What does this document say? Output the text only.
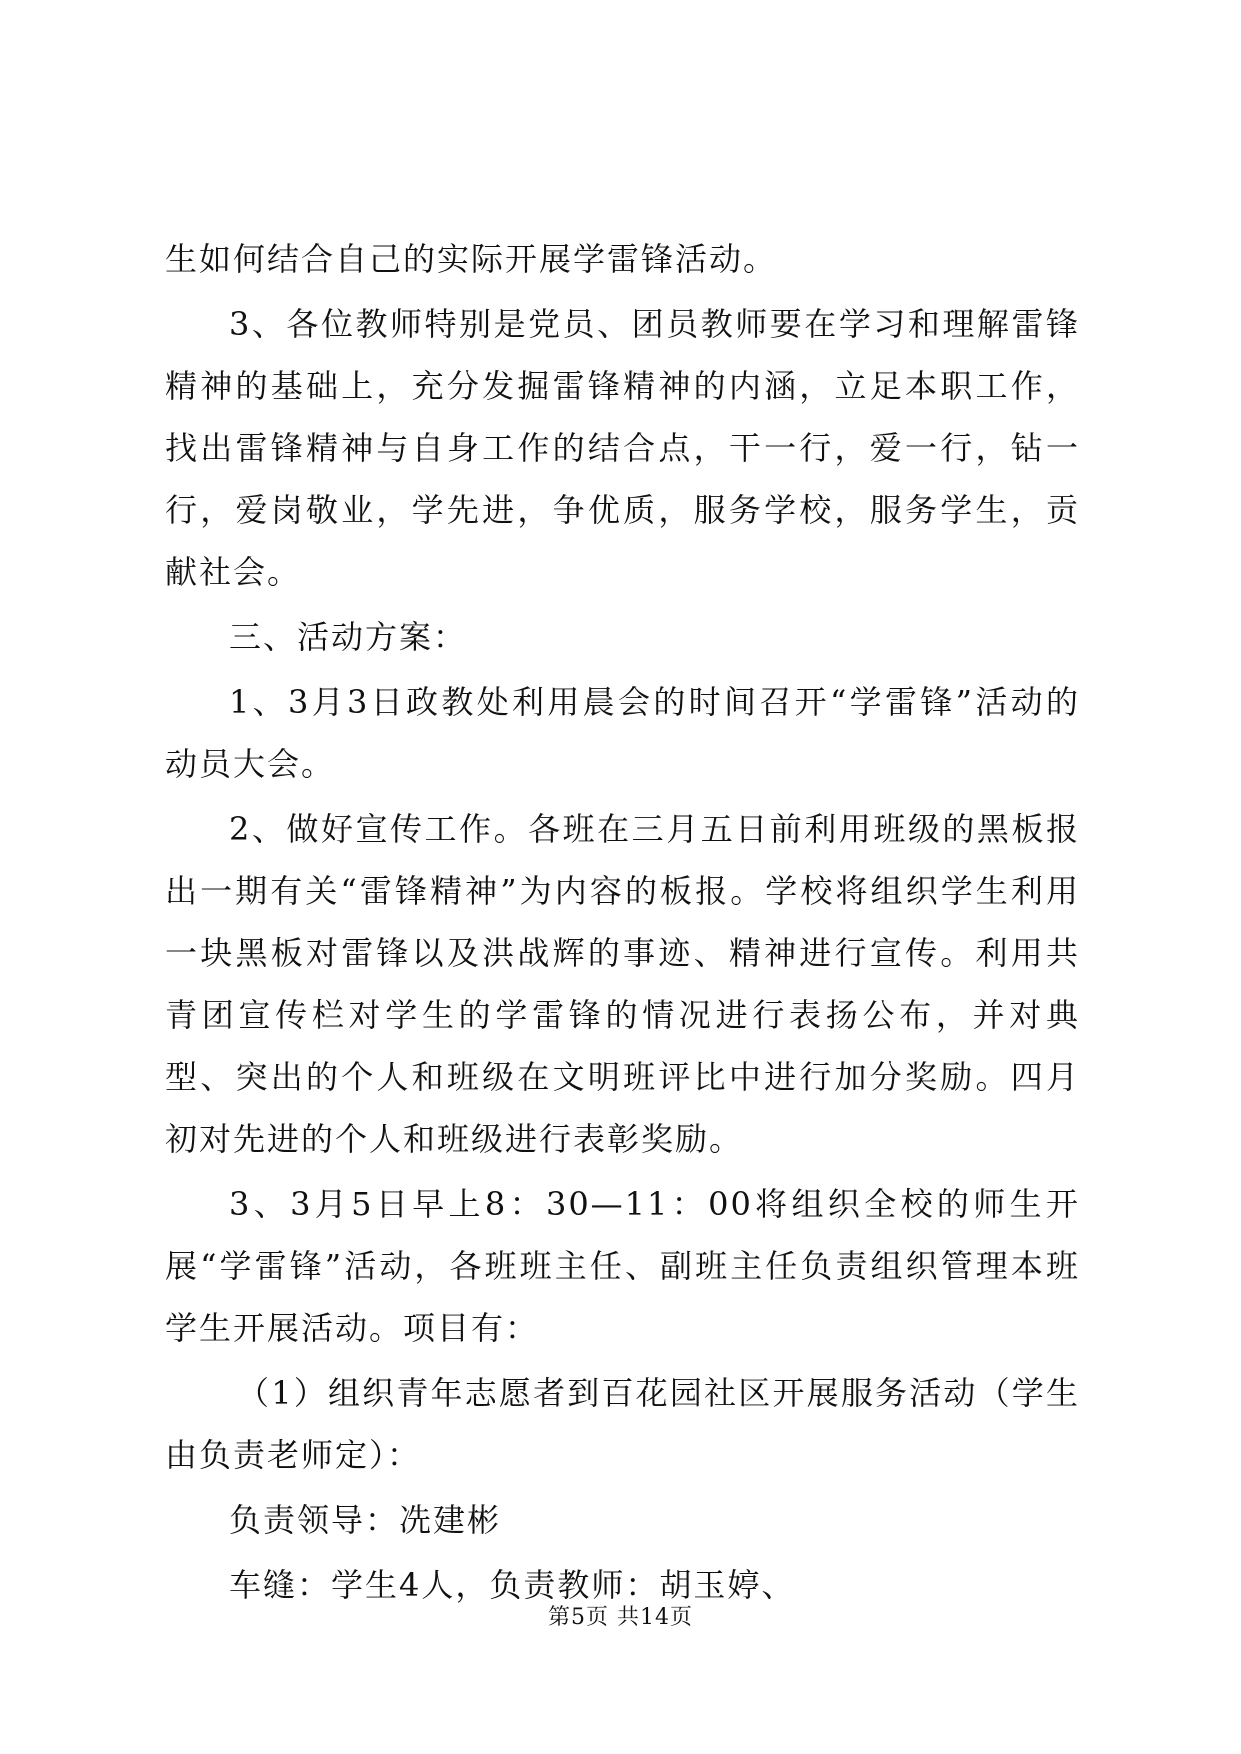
生如何结合自己的实际开展学雷锋活动。

3、各位教师特别是党员、团员教师要在学习和理解雷锋精神的基础上，充分发掘雷锋精神的内涵，立足本职工作，找出雷锋精神与自身工作的结合点，干一行，爱一行，钻一行，爱岗敬业，学先进，争优质，服务学校，服务学生，贡献社会。

三、活动方案：

1、3月3日政教处利用晨会的时间召开“学雷锋”活动的动员大会。

2、做好宣传工作。各班在三月五日前利用班级的黑板报出一期有关“雷锋精神”为内容的板报。学校将组织学生利用一块黑板对雷锋以及洪战辉的事迹、精神进行宣传。利用共青团宣传栏对学生的学雷锋的情况进行表扬公布，并对典型、突出的个人和班级在文明班评比中进行加分奖励。四月初对先进的个人和班级进行表彰奖励。

3、3月5日早上8：30—11：00将组织全校的师生开展“学雷锋”活动，各班班主任、副班主任负责组织管理本班学生开展活动。项目有：

（1）组织青年志愿者到百花园社区开展服务活动（学生由负责老师定）：

负责领导：冼建彬

车缝：学生4人，负责教师：胡玉婷、

第5页 共14页
